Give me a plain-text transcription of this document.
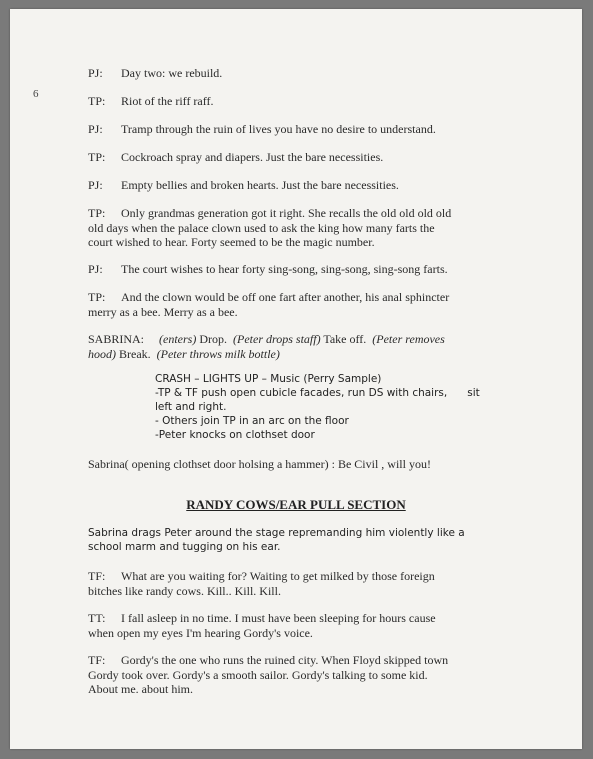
6
PJ: Day two: we rebuild.
TP: Riot of the riff raff.
PJ: Tramp through the ruin of lives you have no desire to understand.
TP: Cockroach spray and diapers. Just the bare necessities.
PJ: Empty bellies and broken hearts. Just the bare necessities.
TP: Only grandmas generation got it right. She recalls the old old old old
old days when the palace clown used to ask the king how many farts the
court wished to hear. Forty seemed to be the magic number.
PJ: The court wishes to hear forty sing-song, sing-song, sing-song farts.
TP: And the clown would be off one fart after another, his anal sphincter
merry as a bee. Merry as a bee.
SABRINA: (enters) Drop. (Peter drops staff) Take off. (Peter removes
hood) Break. (Peter throws milk bottle)
CRASH – LIGHTS UP – Music (Perry Sample)
-TP & TF push open cubicle facades, run DS with chairs,      sit
left and right.
- Others join TP in an arc on the floor
-Peter knocks on clothset door
Sabrina( opening clothset door holsing a hammer) : Be Civil , will you!
RANDY COWS/EAR PULL SECTION
Sabrina drags Peter around the stage repremanding him violently like a
school marm and tugging on his ear.
TF: What are you waiting for? Waiting to get milked by those foreign
bitches like randy cows. Kill.. Kill. Kill.
TT: I fall asleep in no time. I must have been sleeping for hours cause
when open my eyes I'm hearing Gordy's voice.
TF: Gordy's the one who runs the ruined city. When Floyd skipped town
Gordy took over. Gordy's a smooth sailor. Gordy's talking to some kid.
About me. about him.
